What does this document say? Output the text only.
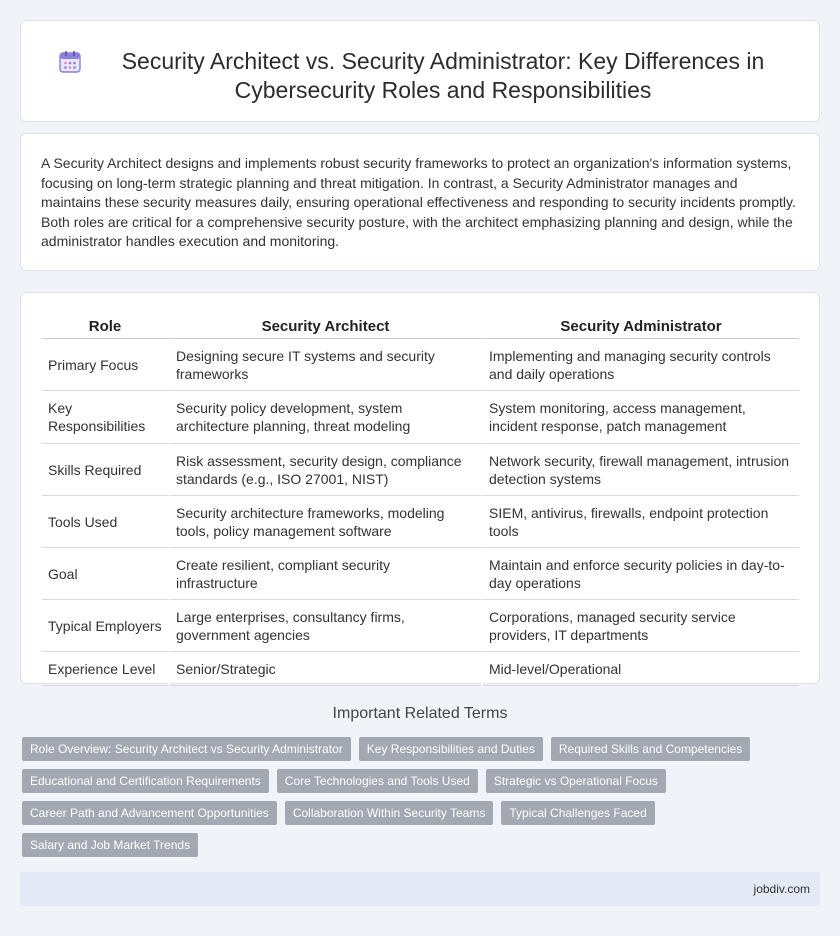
Security Architect vs. Security Administrator: Key Differences in Cybersecurity Roles and Responsibilities

A Security Architect designs and implements robust security frameworks to protect an organization's information systems, focusing on long-term strategic planning and threat mitigation. In contrast, a Security Administrator manages and maintains these security measures daily, ensuring operational effectiveness and responding to security incidents promptly. Both roles are critical for a comprehensive security posture, with the architect emphasizing planning and design, while the administrator handles execution and monitoring.

Role	Security Architect	Security Administrator
Primary Focus	Designing secure IT systems and security frameworks	Implementing and managing security controls and daily operations
Key Responsibilities	Security policy development, system architecture planning, threat modeling	System monitoring, access management, incident response, patch management
Skills Required	Risk assessment, security design, compliance standards (e.g., ISO 27001, NIST)	Network security, firewall management, intrusion detection systems
Tools Used	Security architecture frameworks, modeling tools, policy management software	SIEM, antivirus, firewalls, endpoint protection tools
Goal	Create resilient, compliant security infrastructure	Maintain and enforce security policies in day-to-day operations
Typical Employers	Large enterprises, consultancy firms, government agencies	Corporations, managed security service providers, IT departments
Experience Level	Senior/Strategic	Mid-level/Operational
Important Related Terms
Role Overview: Security Architect vs Security Administrator	Key Responsibilities and Duties	Required Skills and Competencies
Educational and Certification Requirements	Core Technologies and Tools Used	Strategic vs Operational Focus
Career Path and Advancement Opportunities	Collaboration Within Security Teams	Typical Challenges Faced
Salary and Job Market Trends
jobdiv.com
